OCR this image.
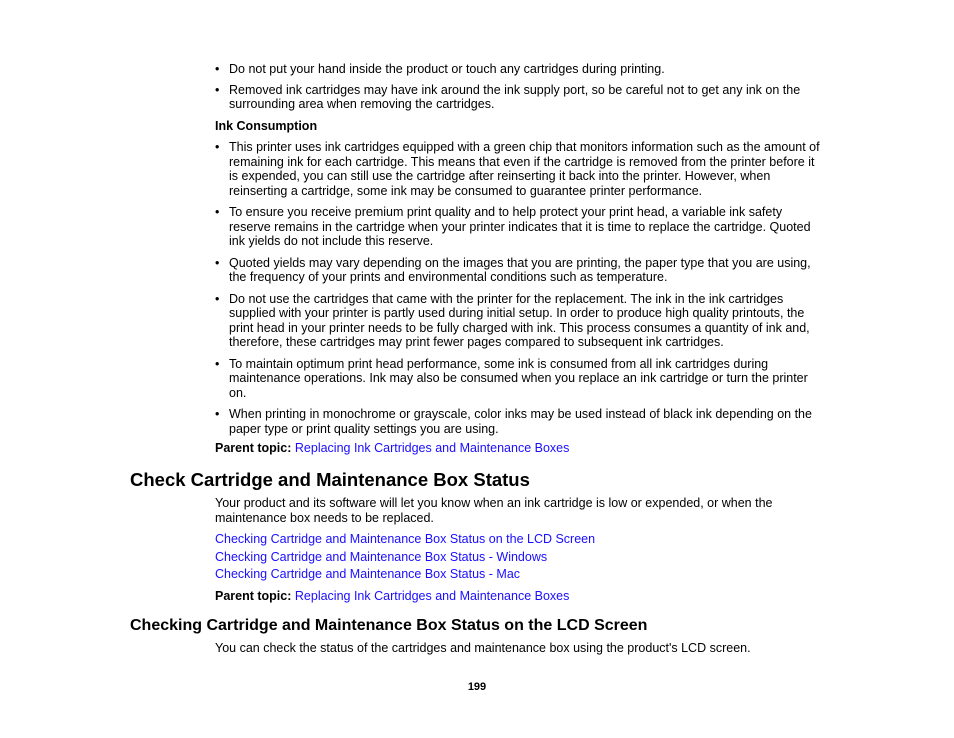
• Do not put your hand inside the product or touch any cartridges during printing.
• Removed ink cartridges may have ink around the ink supply port, so be careful not to get any ink on the surrounding area when removing the cartridges.
Ink Consumption
• This printer uses ink cartridges equipped with a green chip that monitors information such as the amount of remaining ink for each cartridge. This means that even if the cartridge is removed from the printer before it is expended, you can still use the cartridge after reinserting it back into the printer. However, when reinserting a cartridge, some ink may be consumed to guarantee printer performance.
• To ensure you receive premium print quality and to help protect your print head, a variable ink safety reserve remains in the cartridge when your printer indicates that it is time to replace the cartridge. Quoted ink yields do not include this reserve.
• Quoted yields may vary depending on the images that you are printing, the paper type that you are using, the frequency of your prints and environmental conditions such as temperature.
• Do not use the cartridges that came with the printer for the replacement. The ink in the ink cartridges supplied with your printer is partly used during initial setup. In order to produce high quality printouts, the print head in your printer needs to be fully charged with ink. This process consumes a quantity of ink and, therefore, these cartridges may print fewer pages compared to subsequent ink cartridges.
• To maintain optimum print head performance, some ink is consumed from all ink cartridges during maintenance operations. Ink may also be consumed when you replace an ink cartridge or turn the printer on.
• When printing in monochrome or grayscale, color inks may be used instead of black ink depending on the paper type or print quality settings you are using.
Parent topic: Replacing Ink Cartridges and Maintenance Boxes
Check Cartridge and Maintenance Box Status
Your product and its software will let you know when an ink cartridge is low or expended, or when the maintenance box needs to be replaced.
Checking Cartridge and Maintenance Box Status on the LCD Screen
Checking Cartridge and Maintenance Box Status - Windows
Checking Cartridge and Maintenance Box Status - Mac
Parent topic: Replacing Ink Cartridges and Maintenance Boxes
Checking Cartridge and Maintenance Box Status on the LCD Screen
You can check the status of the cartridges and maintenance box using the product's LCD screen.
199
